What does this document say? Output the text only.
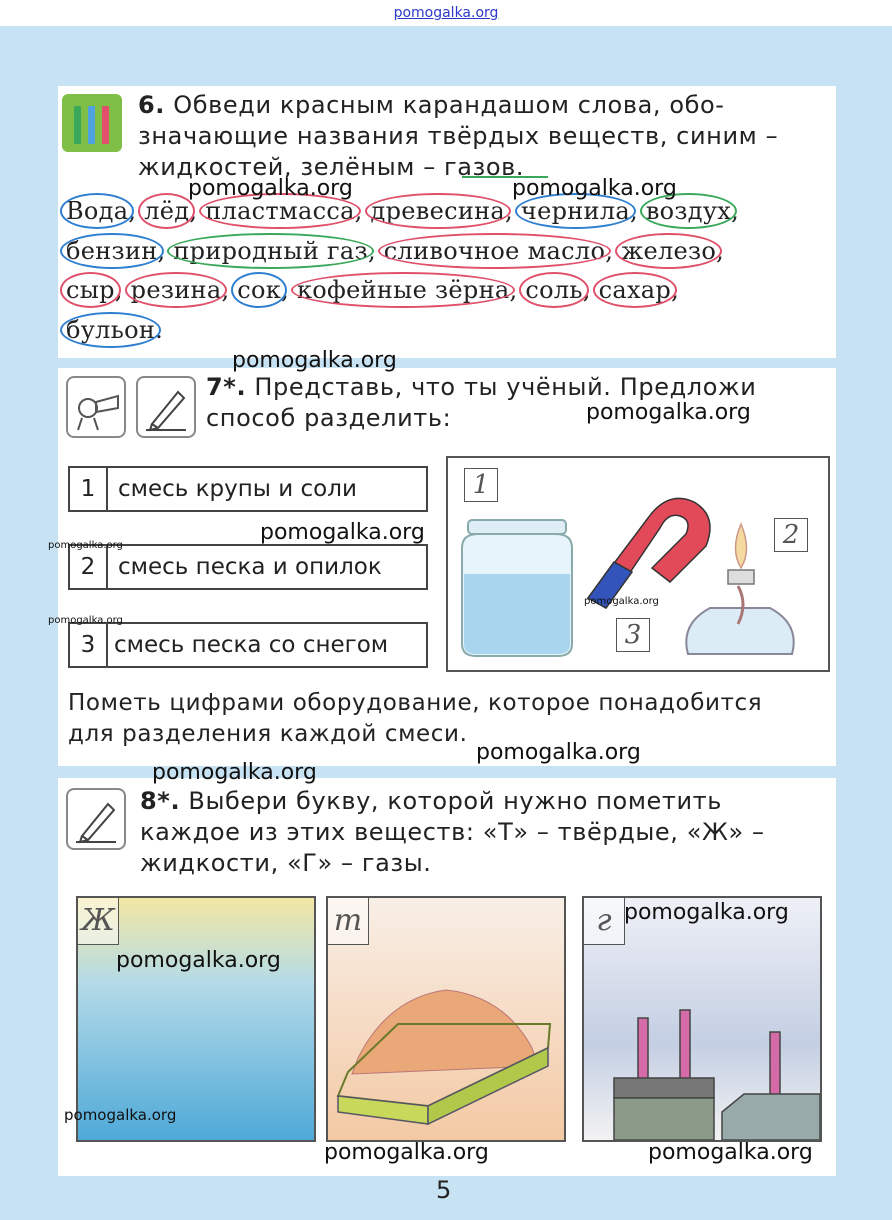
pomogalka.org
6. Обведи красным карандашом слова, обо-
значающие названия твёрдых веществ, синим –
жидкостей, зелёным – газов.
Вода
, лёд
, пластмасса
, древесина
, чернила
, воздух
,
бензин
, природный газ
, сливочное масло
, железо
,
сыр
, резина
, сок
, кофейные зёрна
, соль
, сахар
,
бульон
.
7*. Представь, что ты учёный. Предложи
способ разделить:
1 смесь крупы и соли
2 смесь песка и опилок
3 смесь песка со снегом
1
2
3
Пометь цифрами оборудование, которое понадобится
для разделения каждой смеси.
8*. Выбери букву, которой нужно пометить
каждое из этих веществ: «Т» – твёрдые, «Ж» –
жидкости, «Г» – газы.
Ж	т	г
5
pomogalka.org	pomogalka.org
pomogalka.org
pomogalka.org
pomogalka.org
pomogalka.org
pomogalka.org
pomogalka.org
pomogalka.org
pomogalka.org
pomogalka.org
pomogalka.org
pomogalka.org
pomogalka.org	pomogalka.org
